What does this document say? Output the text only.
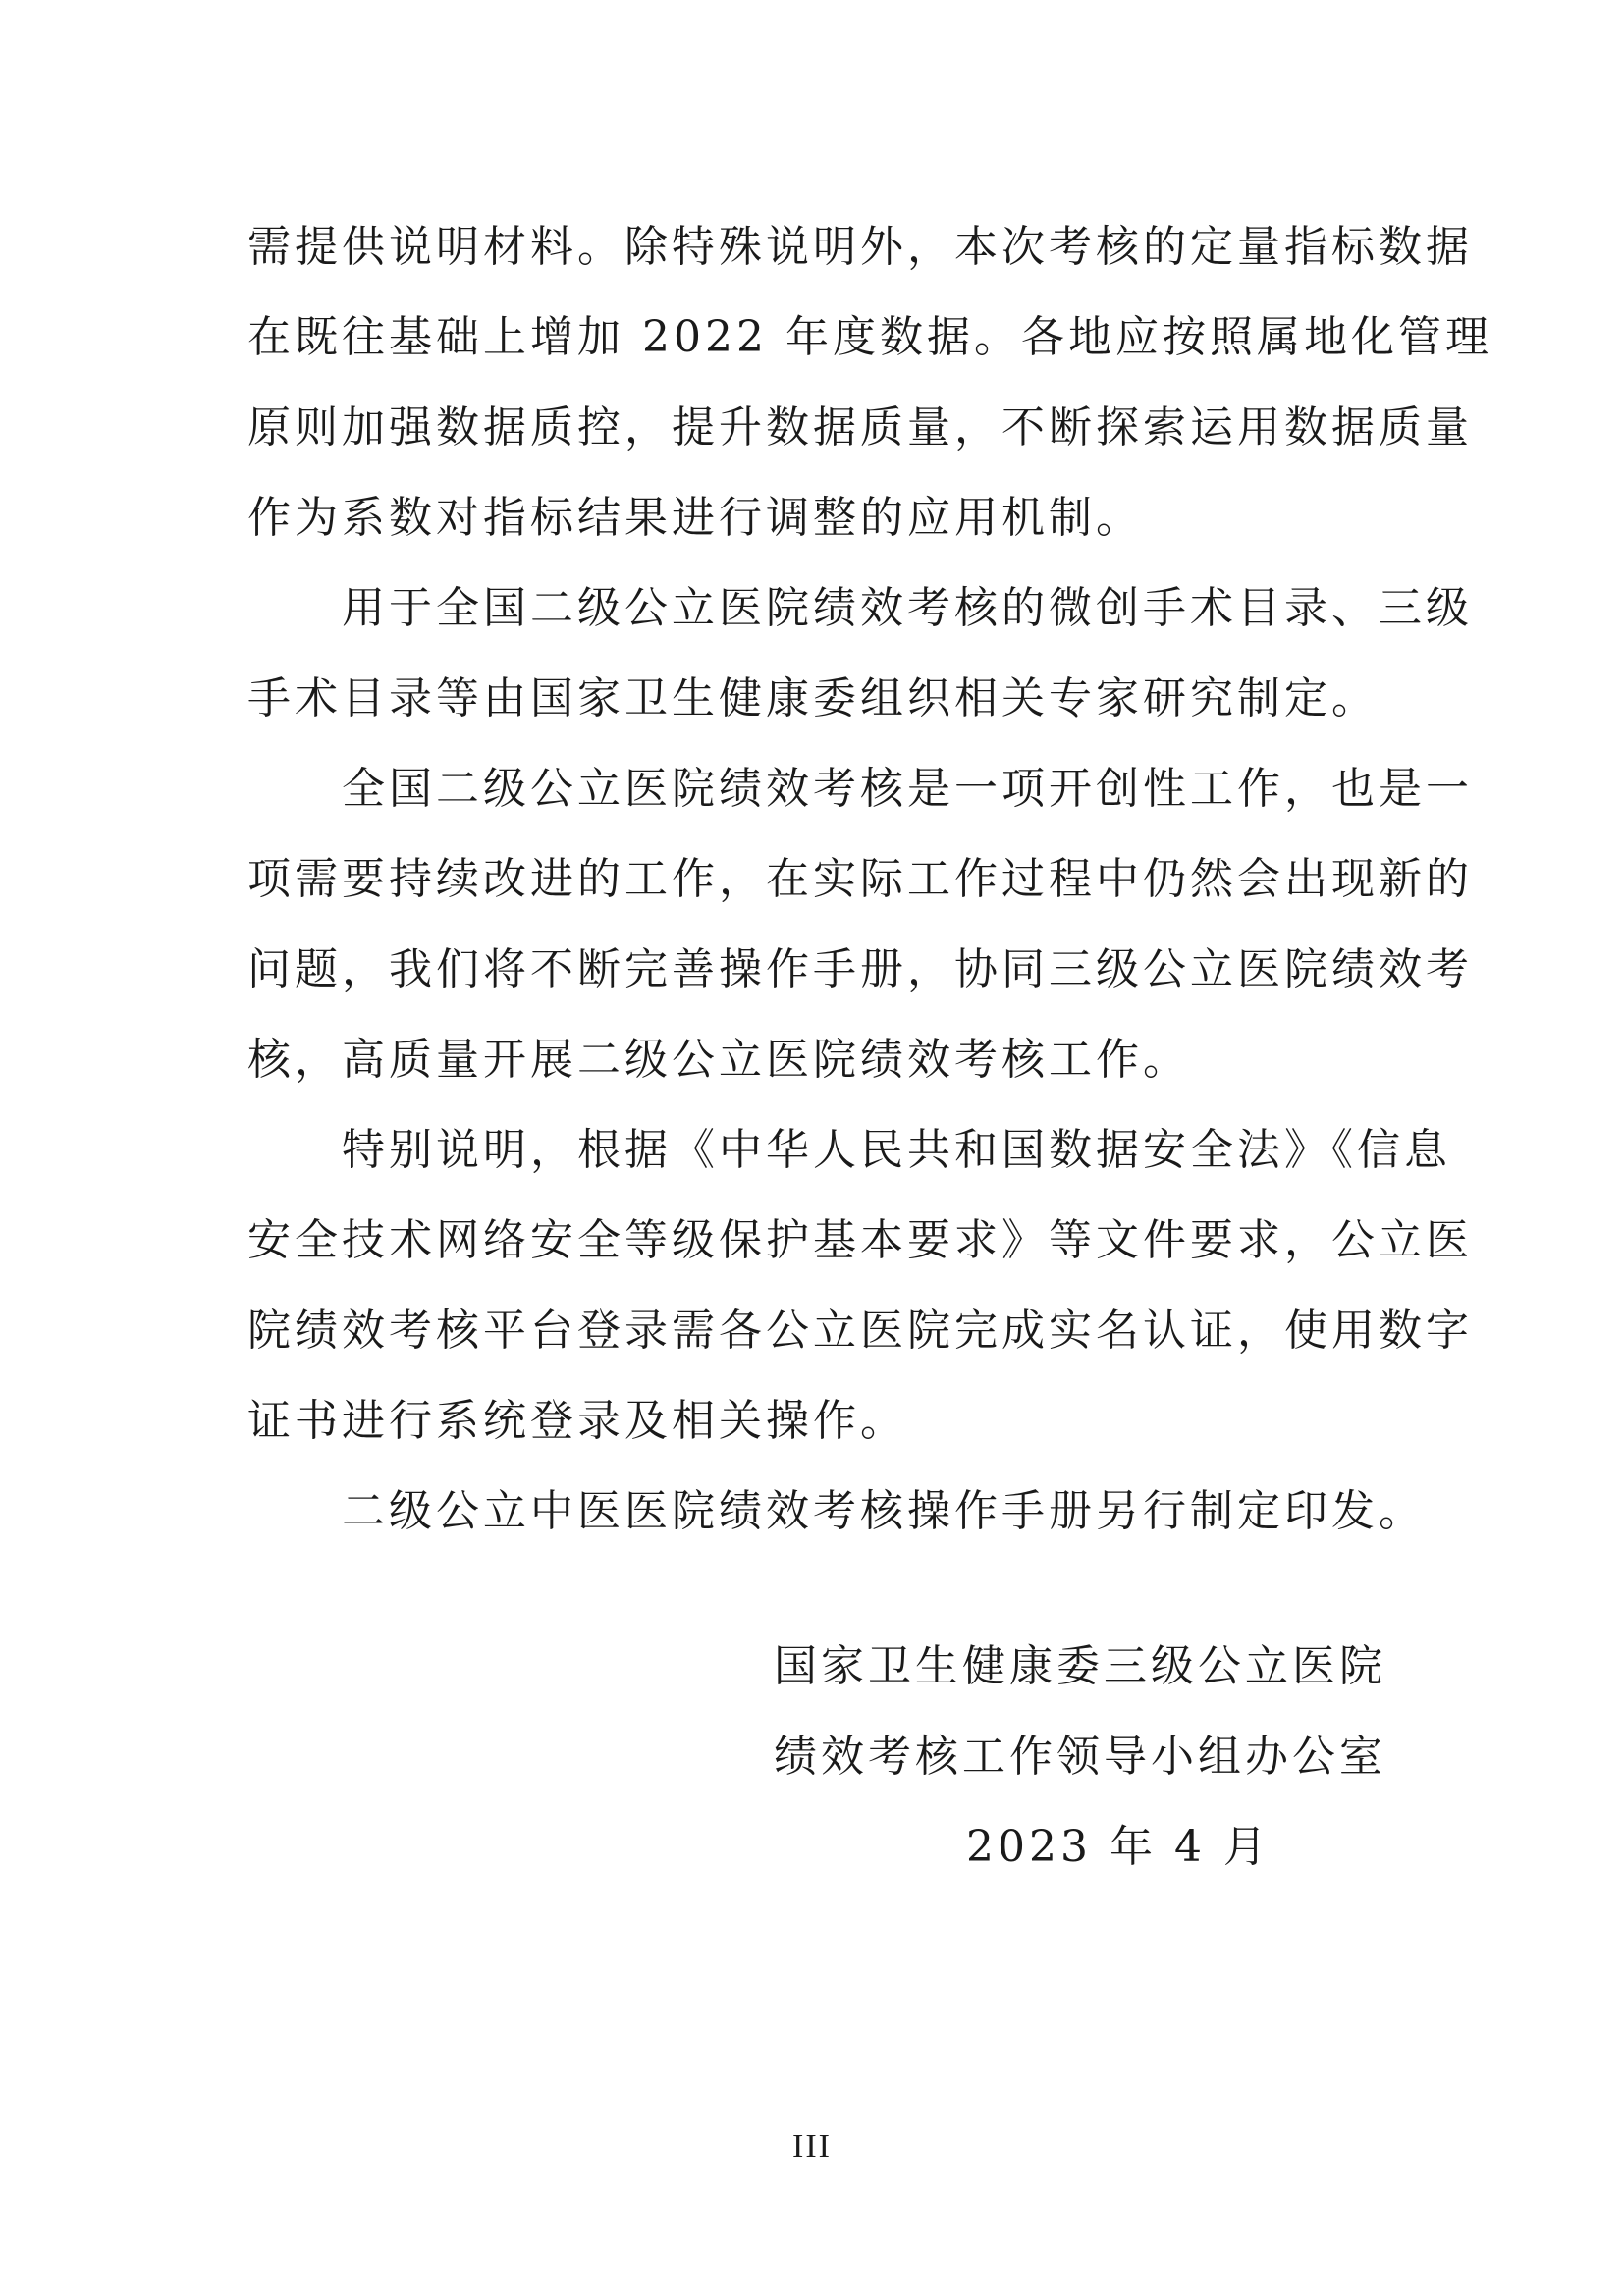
需提供说明材料。除特殊说明外，本次考核的定量指标数据
在既往基础上增加 2022 年度数据。各地应按照属地化管理
原则加强数据质控，提升数据质量，不断探索运用数据质量
作为系数对指标结果进行调整的应用机制。
用于全国二级公立医院绩效考核的微创手术目录、三级
手术目录等由国家卫生健康委组织相关专家研究制定。
全国二级公立医院绩效考核是一项开创性工作，也是一
项需要持续改进的工作，在实际工作过程中仍然会出现新的
问题，我们将不断完善操作手册，协同三级公立医院绩效考
核，高质量开展二级公立医院绩效考核工作。
特别说明，根据《中华人民共和国数据安全法》《信息
安全技术网络安全等级保护基本要求》等文件要求，公立医
院绩效考核平台登录需各公立医院完成实名认证，使用数字
证书进行系统登录及相关操作。
二级公立中医医院绩效考核操作手册另行制定印发。
国家卫生健康委三级公立医院
绩效考核工作领导小组办公室
2023 年 4 月
III
